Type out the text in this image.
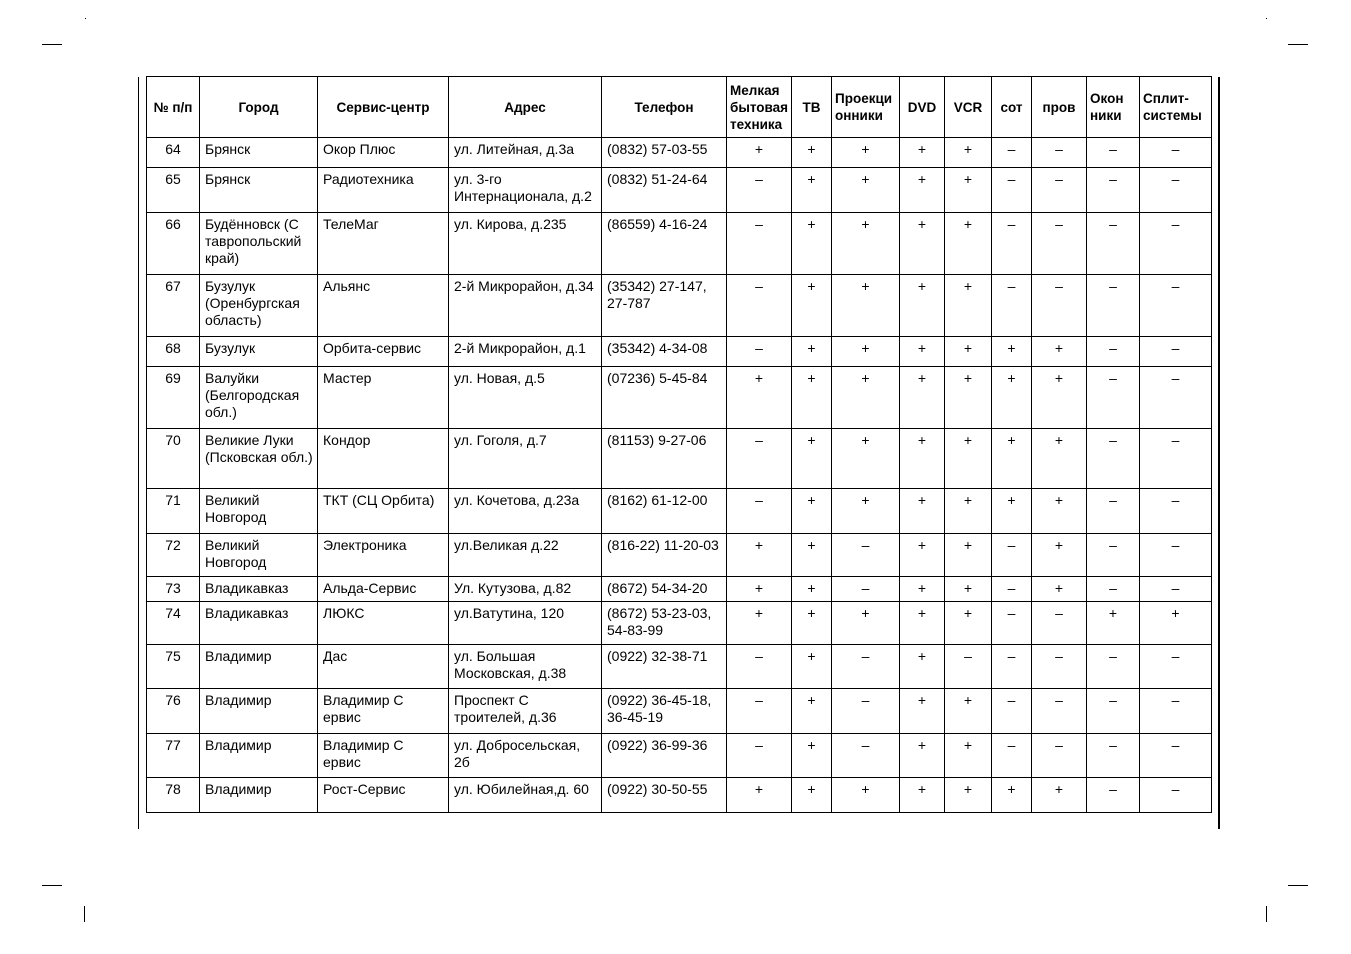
№ п/п	Город	Сервис-центр	Адрес	Телефон	Мелкая бытовая техника	ТВ	Проекци онники	DVD	VCR	сот	пров	Окон ники	Сплит-системы
64	Брянск	Окор Плюс	ул. Литейная, д.3а	(0832) 57-03-55	+	+	+	+	+	–	–	–	–
65	Брянск	Радиотехника	ул. 3-го Интернационала, д.2	(0832) 51-24-64	–	+	+	+	+	–	–	–	–
66	Будённовск (С тавропольский край)	ТелеМаг	ул. Кирова, д.235	(86559) 4-16-24	–	+	+	+	+	–	–	–	–
67	Бузулук (Оренбургская область)	Альянс	2-й Микрорайон, д.34	(35342) 27-147, 27-787	–	+	+	+	+	–	–	–	–
68	Бузулук	Орбита-сервис	2-й Микрорайон, д.1	(35342) 4-34-08	–	+	+	+	+	+	+	–	–
69	Валуйки (Белгородская обл.)	Мастер	ул. Новая, д.5	(07236) 5-45-84	+	+	+	+	+	+	+	–	–
70	Великие Луки (Псковская обл.)	Кондор	ул. Гоголя, д.7	(81153) 9-27-06	–	+	+	+	+	+	+	–	–
71	Великий Новгород	ТКТ (СЦ Орбита)	ул. Кочетова, д.23а	(8162) 61-12-00	–	+	+	+	+	+	+	–	–
72	Великий Новгород	Электроника	ул.Великая д.22	(816-22) 11-20-03	+	+	–	+	+	–	+	–	–
73	Владикавказ	Альда-Сервис	Ул. Кутузова, д.82	(8672) 54-34-20	+	+	–	+	+	–	+	–	–
74	Владикавказ	ЛЮКС	ул.Ватутина, 120	(8672) 53-23-03, 54-83-99	+	+	+	+	+	–	–	+	+
75	Владимир	Дас	ул. Большая Московская, д.38	(0922) 32-38-71	–	+	–	+	–	–	–	–	–
76	Владимир	Владимир С ервис	Проспект С троителей, д.36	(0922) 36-45-18, 36-45-19	–	+	–	+	+	–	–	–	–
77	Владимир	Владимир С ервис	ул. Добросельская, 2б	(0922) 36-99-36	–	+	–	+	+	–	–	–	–
78	Владимир	Рост-Сервис	ул. Юбилейная,д. 60	(0922) 30-50-55	+	+	+	+	+	+	+	–	–
